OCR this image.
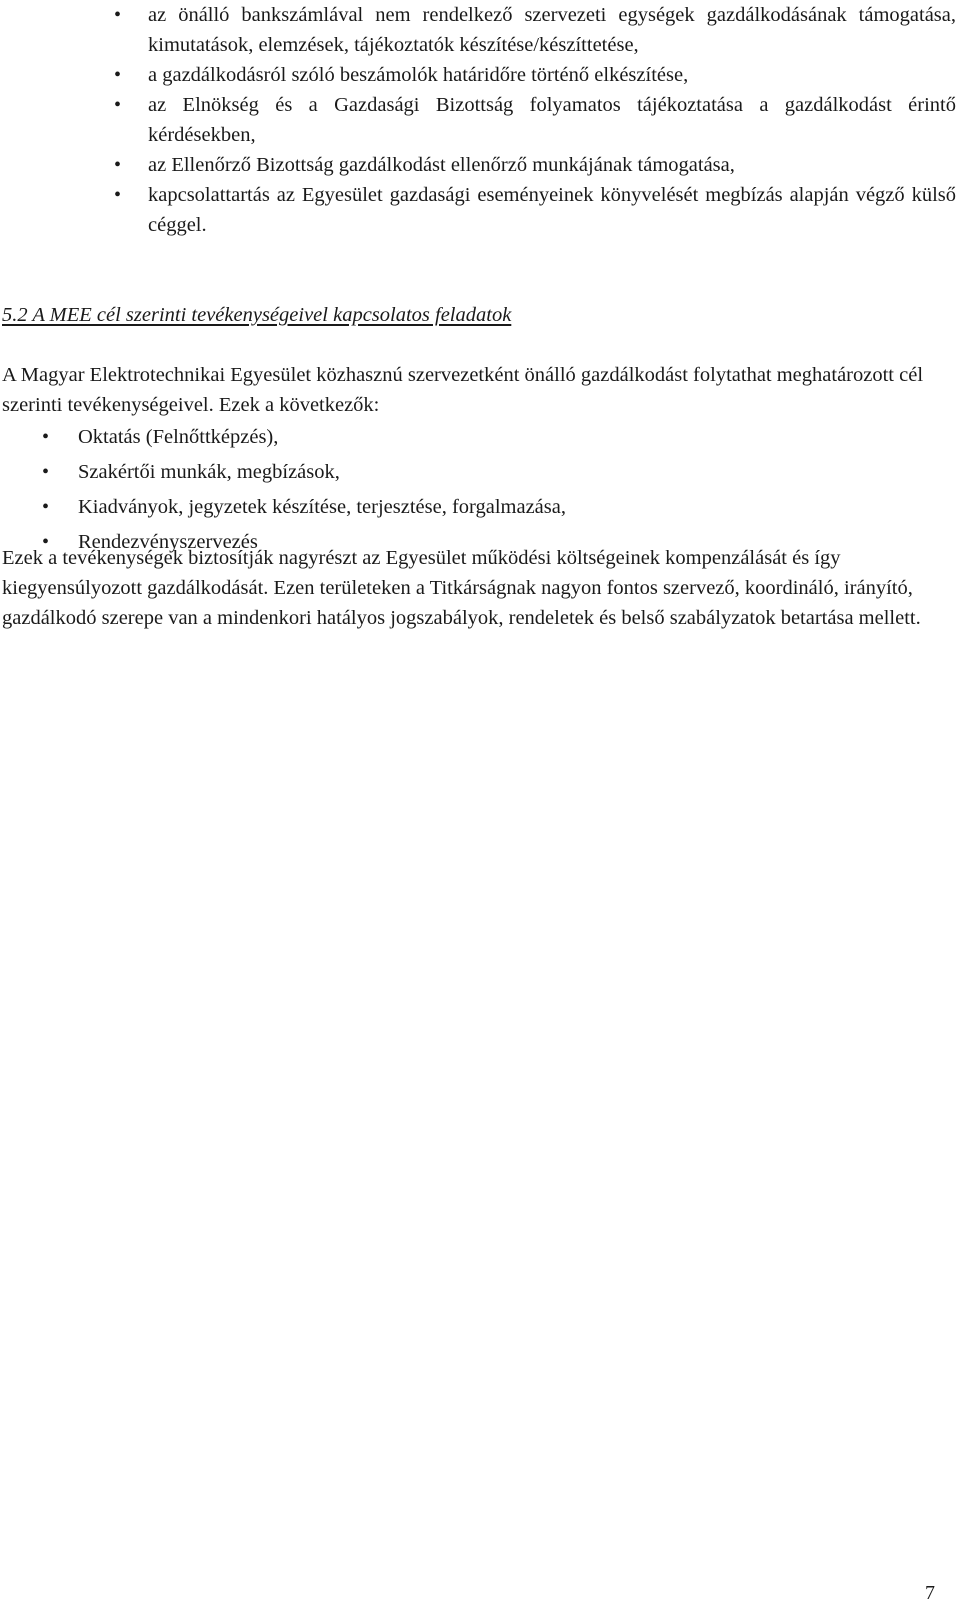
• az önálló bankszámlával nem rendelkező szervezeti egységek gazdálkodásának támogatása, kimutatások, elemzések, tájékoztatók készítése/készíttetése,
• a gazdálkodásról szóló beszámolók határidőre történő elkészítése,
• az Elnökség és a Gazdasági Bizottság folyamatos tájékoztatása a gazdálkodást érintő kérdésekben,
• az Ellenőrző Bizottság gazdálkodást ellenőrző munkájának támogatása,
• kapcsolattartás az Egyesület gazdasági eseményeinek könyvelését megbízás alapján végző külső céggel.
5.2 A MEE cél szerinti tevékenységeivel kapcsolatos feladatok

A Magyar Elektrotechnikai Egyesület közhasznú szervezetként önálló gazdálkodást folytathat meghatározott cél szerinti tevékenységeivel. Ezek a következők:

• Oktatás (Felnőttképzés),
• Szakértői munkák, megbízások,
• Kiadványok, jegyzetek készítése, terjesztése, forgalmazása,
• Rendezvényszervezés

Ezek a tevékenységek biztosítják nagyrészt az Egyesület működési költségeinek kompenzálását és így kiegyensúlyozott gazdálkodását. Ezen területeken a Titkárságnak nagyon fontos szervező, koordináló, irányító, gazdálkodó szerepe van a mindenkori hatályos jogszabályok, rendeletek és belső szabályzatok betartása mellett.

7
